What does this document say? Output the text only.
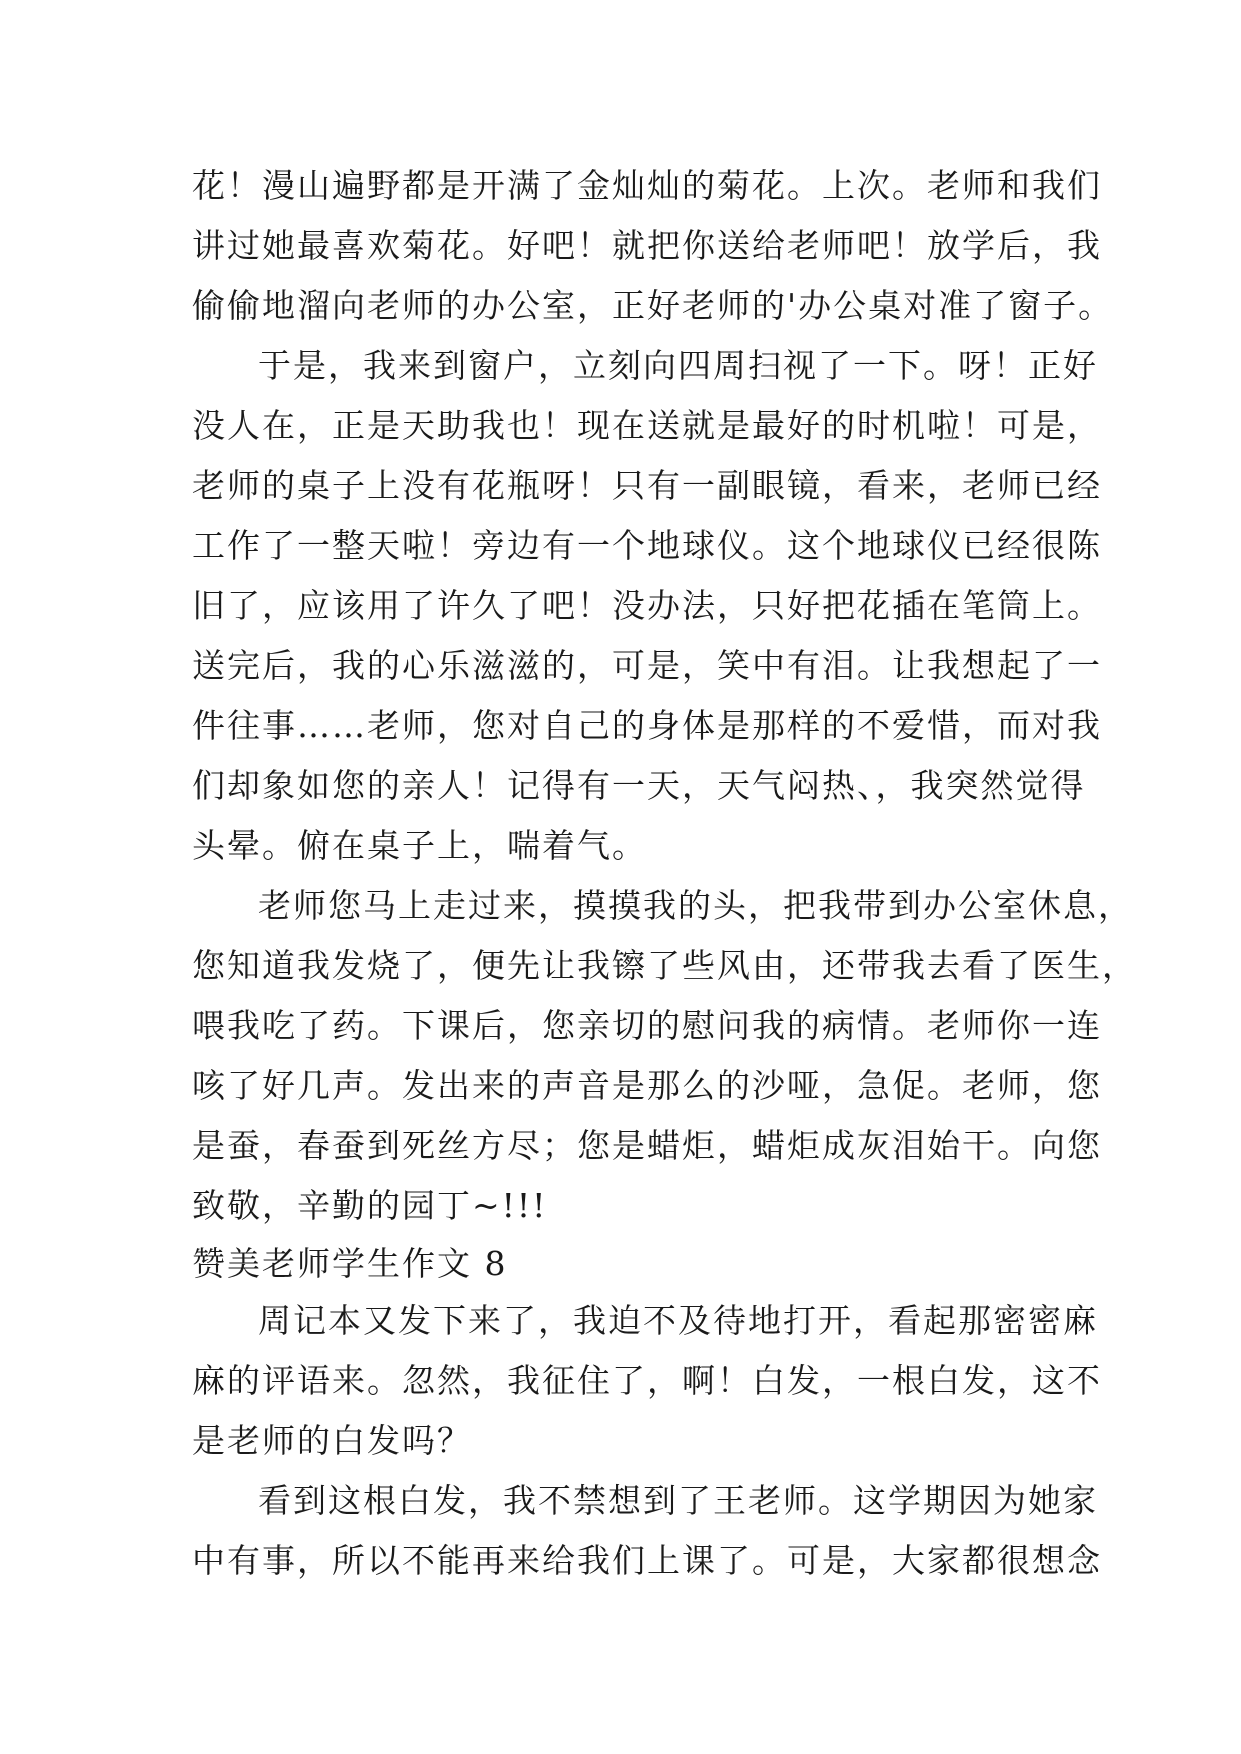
花！漫山遍野都是开满了金灿灿的菊花。上次。老师和我们
讲过她最喜欢菊花。好吧！就把你送给老师吧！放学后，我
偷偷地溜向老师的办公室，正好老师的'办公桌对准了窗子。
于是，我来到窗户，立刻向四周扫视了一下。呀！正好
没人在，正是天助我也！现在送就是最好的时机啦！可是，
老师的桌子上没有花瓶呀！只有一副眼镜，看来，老师已经
工作了一整天啦！旁边有一个地球仪。这个地球仪已经很陈
旧了，应该用了许久了吧！没办法，只好把花插在笔筒上。
送完后，我的心乐滋滋的，可是，笑中有泪。让我想起了一
件往事……老师，您对自己的身体是那样的不爱惜，而对我
们却象如您的亲人！记得有一天，天气闷热、，我突然觉得
头晕。俯在桌子上，喘着气。
老师您马上走过来，摸摸我的头，把我带到办公室休息，
您知道我发烧了，便先让我镲了些风由，还带我去看了医生，
喂我吃了药。下课后，您亲切的慰问我的病情。老师你一连
咳了好几声。发出来的声音是那么的沙哑，急促。老师，您
是蚕，春蚕到死丝方尽；您是蜡炬，蜡炬成灰泪始干。向您
致敬，辛勤的园丁~!!!
赞美老师学生作文 8
周记本又发下来了，我迫不及待地打开，看起那密密麻
麻的评语来。忽然，我征住了，啊！白发，一根白发，这不
是老师的白发吗？
看到这根白发，我不禁想到了王老师。这学期因为她家
中有事，所以不能再来给我们上课了。可是，大家都很想念
